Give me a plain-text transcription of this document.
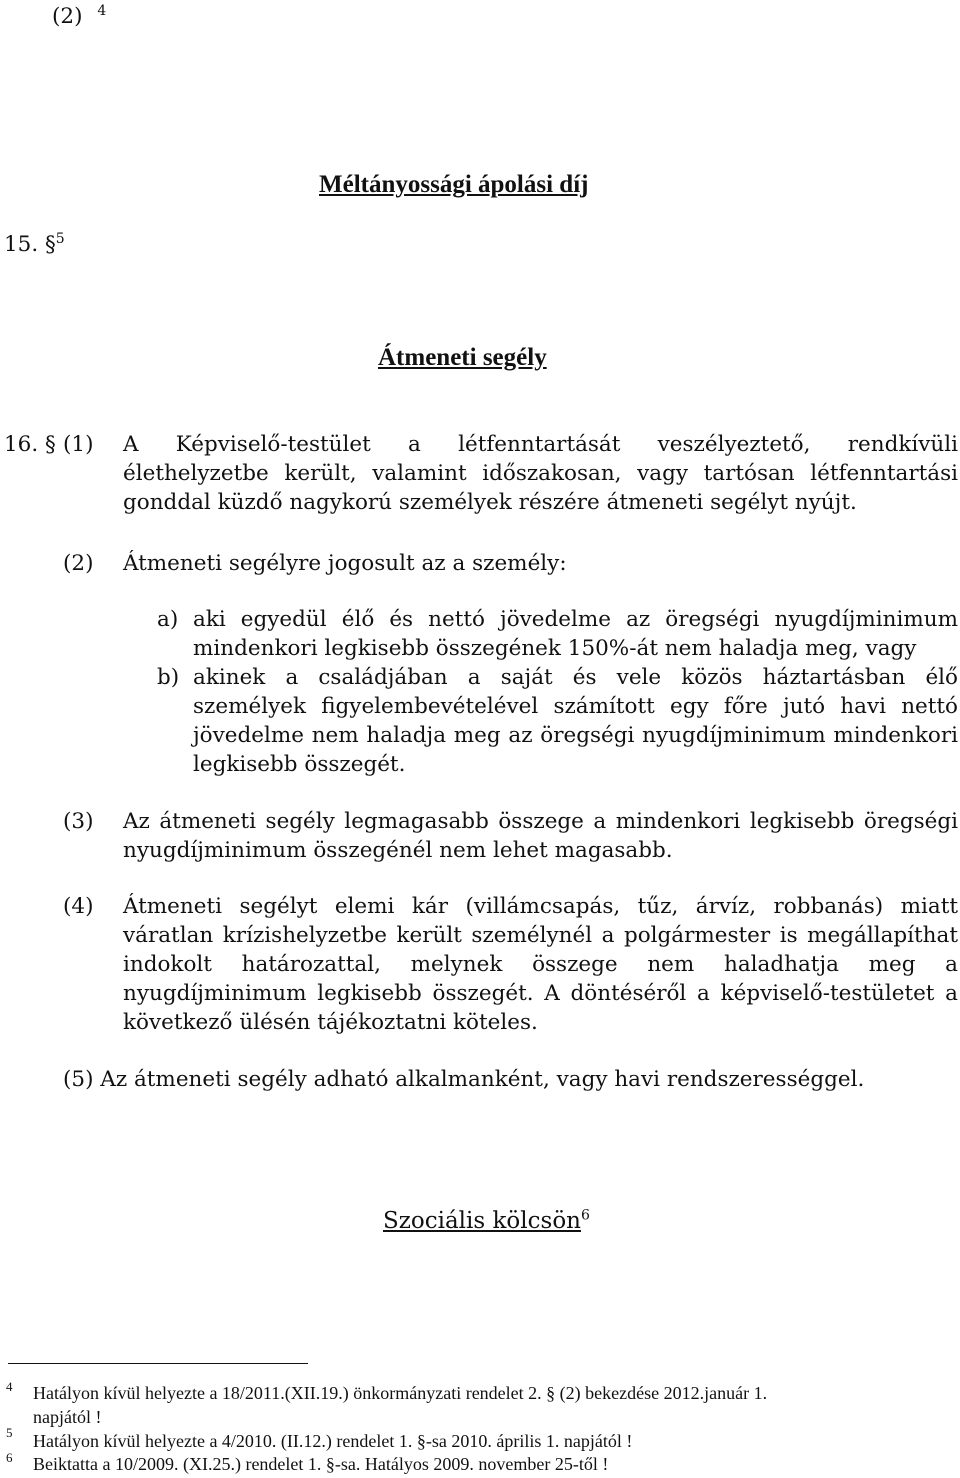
(2) $^4$
Méltányossági ápolási díj
15. §$^5$
Átmeneti segély
16. § (1) A Képviselő-testület a létfenntartását veszélyeztető, rendkívüli élethelyzetbe került, valamint időszakosan, vagy tartósan létfenntartási gonddal küzdő nagykorú személyek részére átmeneti segélyt nyújt.
(2) Átmeneti segélyre jogosult az a személy:
a) aki egyedül élő és nettó jövedelme az öregségi nyugdíjminimum mindenkori legkisebb összegének 150%-át nem haladja meg, vagy
b) akinek a családjában a saját és vele közös háztartásban élő személyek figyelembevételével számított egy főre jutó havi nettó jövedelme nem haladja meg az öregségi nyugdíjminimum mindenkori legkisebb összegét.
(3) Az átmeneti segély legmagasabb összege a mindenkori legkisebb öregségi nyugdíjminimum összegénél nem lehet magasabb.
(4) Átmeneti segélyt elemi kár (villámcsapás, tűz, árvíz, robbanás) miatt váratlan krízishelyzetbe került személynél a polgármester is megállapíthat indokolt határozattal, melynek összege nem haladhatja meg a nyugdíjminimum legkisebb összegét. A döntéséről a képviselő-testületet a következő ülésén tájékoztatni köteles.
(5) Az átmeneti segély adható alkalmanként, vagy havi rendszerességgel.
Szociális kölcsön$^6$
4 Hatályon kívül helyezte a 18/2011.(XII.19.) önkormányzati rendelet 2. § (2) bekezdése 2012.január 1.
napjától !
5 Hatályon kívül helyezte a 4/2010. (II.12.) rendelet 1. §-sa 2010. április 1. napjától !
6 Beiktatta a 10/2009. (XI.25.) rendelet 1. §-sa. Hatályos 2009. november 25-től !
